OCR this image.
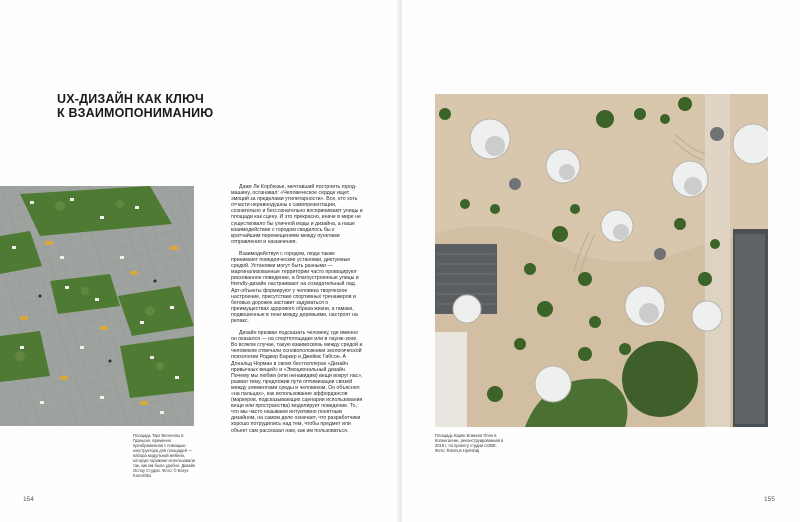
UX-ДИЗАЙН КАК КЛЮЧ
К ВЗАИМОПОНИМАНИЮ

Даже Ле Корбюзье, мечтавший построить город-машину, осознавал: «Человеческое сердце ищет эмоций за пределами утилитарности». Все, кто хоть отчасти неравнодушны к самопрезентации, сознательно и бессознательно воспринимают улицы и площади как сцену. И это прекрасно, иначе в мире не существовало бы уличной моды и дизайна, а наше взаимодействие с городом сводилось бы к кратчайшим перемещениям между пунктами отправления и назначения.

Взаимодействуя с городом, люди также принимают поведенческие установки, диктуемые средой. Установки могут быть разными — маргинализованные территории часто провоцируют рискованное поведение, а благоустроенные улицы и friendly-дизайн настраивают на созидательный лад. Арт-объекты формируют у человека творческое настроение, присутствие спортивных тренажеров и беговых дорожек заставит задуматься о преимуществах здорового образа жизни, а гамаки, подвешенные в тени между деревьями, настроят на релакс.

Дизайн призван подсказать человеку, где именно он оказался — на спортплощадке или в лаунж-зоне. Во всяком случае, такую взаимосвязь между средой и человеком отмечали основоположники экологической психологии Роджер Баркер и Джеймс Гибсон. А Дональд Норман в своих бестселлерах «Дизайн привычных вещей» и «Эмоциональный дизайн. Почему мы любим (или ненавидим) вещи вокруг нас», развил тему, предложив пути оптимизации связей между элементами среды и человеком. Он объяснял «на пальцах», как использование аффордансов (маркеров, подсказывающих сценарии использования вещи или пространства) моделирует поведение. То, что мы часто называем интуитивно понятным дизайном, на самом деле означает, что разработчики хорошо потрудились над тем, чтобы предмет или объект сам рассказал нам, как им пользоваться.

Площадь Тарг Вегленлы в Гданьске, временно преображенная с помощью конструктора для площадей — набора модульной мебели, которую горожане использовали так, как им было удобно. Дизайн Ослоу Студио. Фото: © Borys Konoshko

154

Площадь Карен Бликсен Плэн в Копенгагене, реконструированная в 2019 г. по проекту студии COBE. Фото: Rasmus Hjortshøj

155
